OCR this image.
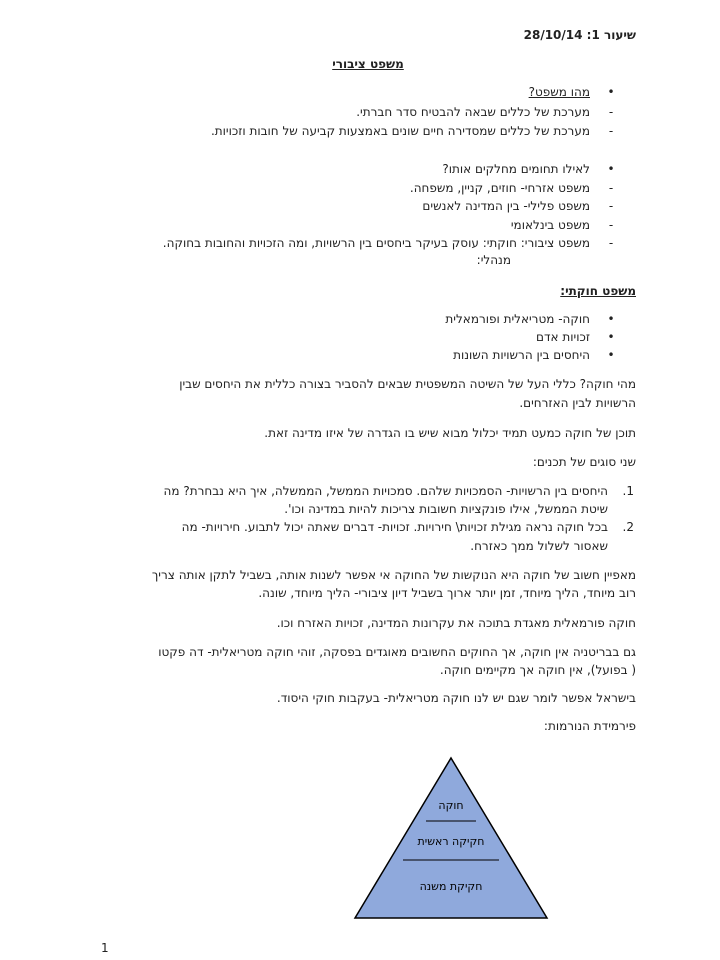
שיעור 1: 28/10/14
משפט ציבורי
•
מהו משפט?
-
מערכת של כללים שבאה להבטיח סדר חברתי.
-
מערכת של כללים שמסדירה חיים שונים באמצעות קביעה של חובות וזכויות.
•
לאילו תחומים מחלקים אותו?
-
משפט אזרחי- חוזים, קניין, משפחה.
-
משפט פלילי- בין המדינה לאנשים
-
משפט בינלאומי
-
משפט ציבורי: חוקתי: עוסק בעיקר ביחסים בין הרשויות, ומה הזכויות והחובות בחוקה.
מנהלי:
משפט חוקתי:
•
חוקה- מטריאלית ופורמאלית
•
זכויות אדם
•
היחסים בין הרשויות השונות
מהי חוקה? כללי העל של השיטה המשפטית שבאים להסביר בצורה כללית את היחסים שבין
הרשויות לבין האזרחים.
תוכן של חוקה כמעט תמיד יכלול מבוא שיש בו הגדרה של איזו מדינה זאת.
שני סוגים של תכנים:
1.
היחסים בין הרשויות- הסמכויות שלהם. סמכויות הממשל, הממשלה, איך היא נבחרת? מה
שיטת הממשל, אילו פונקציות חשובות צריכות להיות במדינה וכו'.
2.
בכל חוקה נראה מגילת זכויות\ חירויות. זכויות- דברים שאתה יכול לתבוע. חירויות- מה
שאסור לשלול ממך כאזרח.
מאפיין חשוב של חוקה היא הנוקשות של החוקה אי אפשר לשנות אותה, בשביל לתקן אותה צריך
רוב מיוחד, הליך מיוחד, זמן יותר ארוך בשביל דיון ציבורי- הליך מיוחד, שונה.
חוקה פורמאלית מאגדת בתוכה את עקרונות המדינה, זכויות האזרח וכו.
גם בבריטניה אין חוקה, אך החוקים החשובים מאוגדים בפסקה, זוהי חוקה מטריאלית- דה פקטו
( בפועל), אין חוקה אך מקיימים חוקה.
בישראל אפשר לומר שגם יש לנו חוקה מטריאלית- בעקבות חוקי היסוד.
פירמידת הנורמות:
חוקה
חקיקה ראשית
חקיקת משנה
1
